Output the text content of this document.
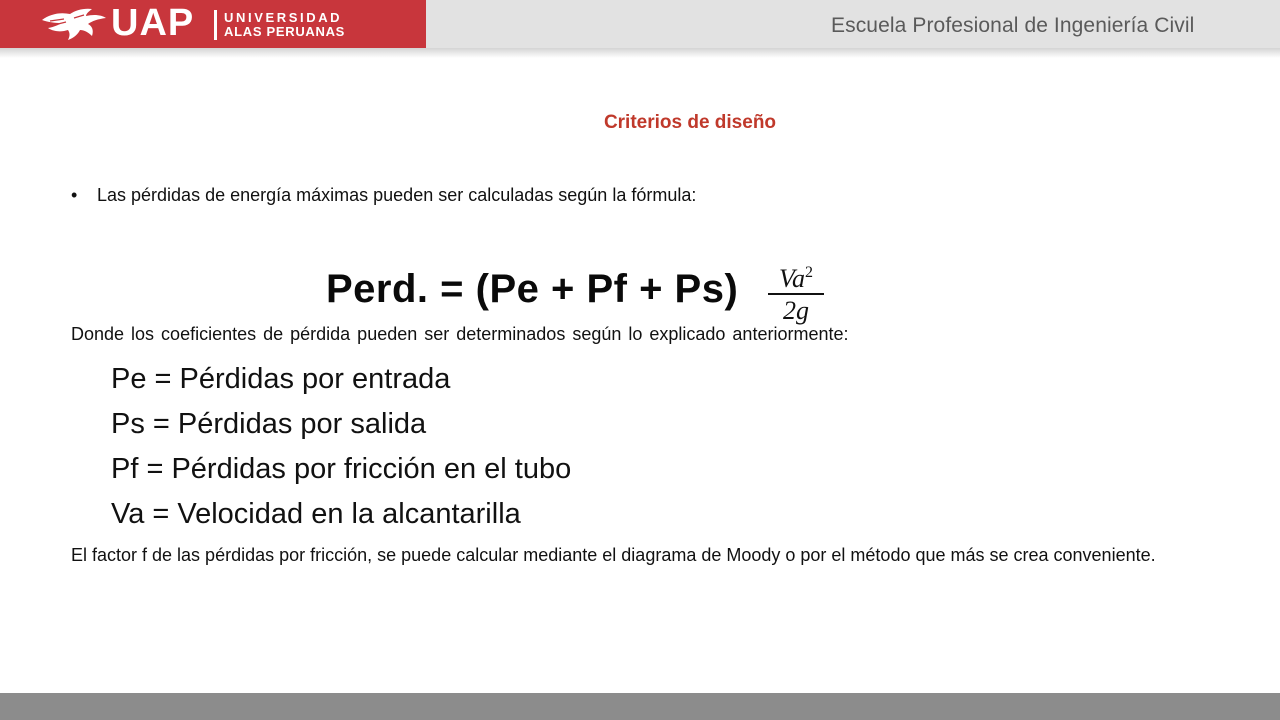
UAP UNIVERSIDAD
ALAS PERUANAS	Escuela Profesional de Ingeniería Civil
Criterios de diseño
• Las pérdidas de energía máximas pueden ser calculadas según la fórmula:
Perd. = (Pe + Pf + Ps)	Va$^2$
2g
Donde los coeficientes de pérdida pueden ser determinados según lo explicado anteriormente:
Pe = Pérdidas por entrada
Ps = Pérdidas por salida
Pf = Pérdidas por fricción en el tubo
Va = Velocidad en la alcantarilla
El factor f de las pérdidas por fricción, se puede calcular mediante el diagrama de Moody o por el método que más se crea conveniente.
